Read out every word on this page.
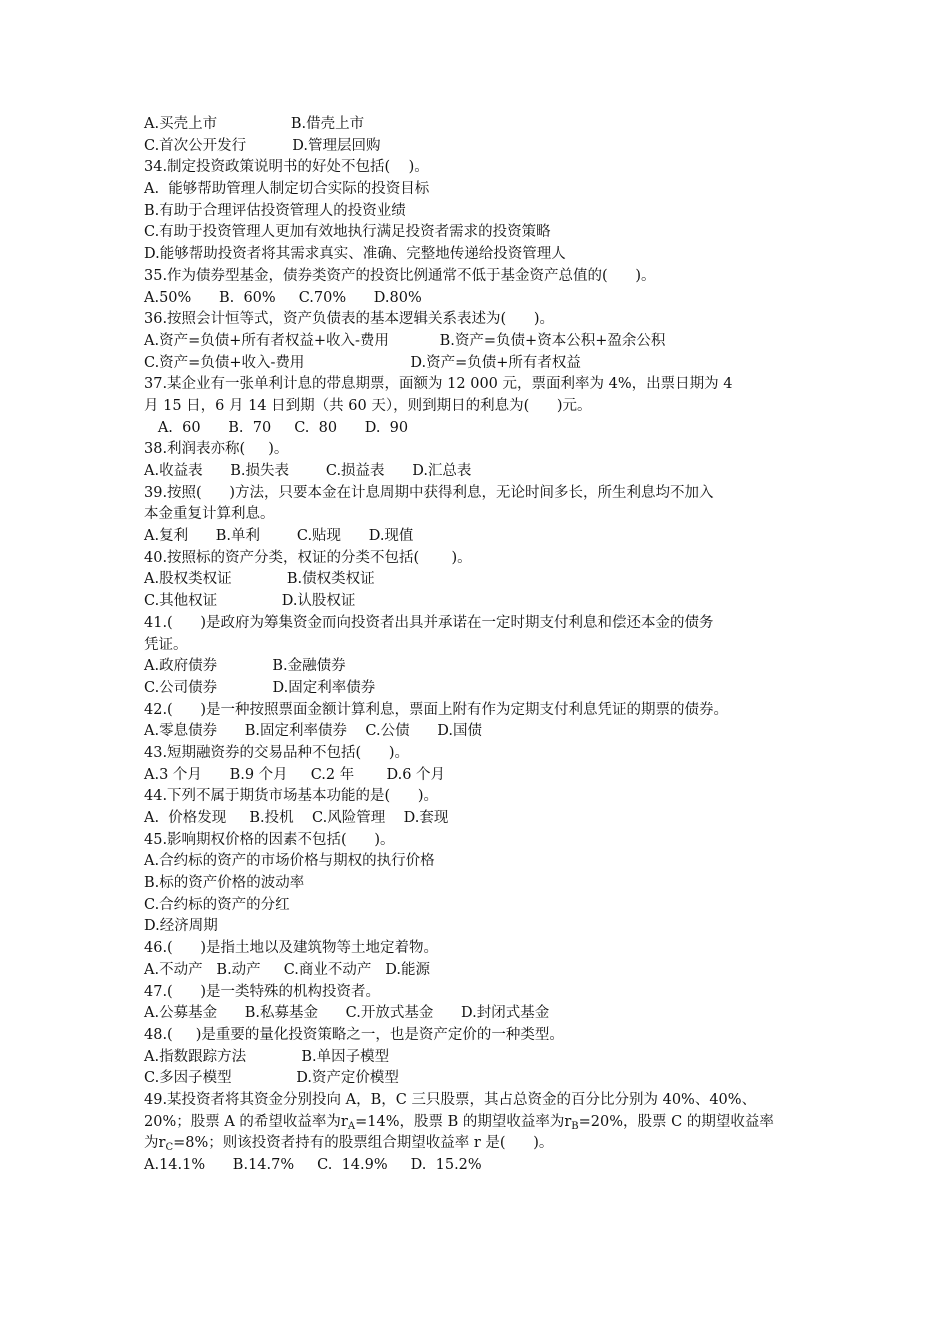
A.买壳上市                B.借壳上市
C.首次公开发行          D.管理层回购
34.制定投资政策说明书的好处不包括(    )。
A.  能够帮助管理人制定切合实际的投资目标
B.有助于合理评估投资管理人的投资业绩
C.有助于投资管理人更加有效地执行满足投资者需求的投资策略
D.能够帮助投资者将其需求真实、准确、完整地传递给投资管理人
35.作为债券型基金，债券类资产的投资比例通常不低于基金资产总值的(      )。
A.50%      B.  60%     C.70%      D.80%
36.按照会计恒等式，资产负债表的基本逻辑关系表述为(      )。
A.资产=负债+所有者权益+收入-费用           B.资产=负债+资本公积+盈余公积
C.资产=负债+收入-费用                       D.资产=负债+所有者权益
37.某企业有一张单利计息的带息期票，面额为 12 000 元，票面利率为 4%，出票日期为 4
月 15 日，6 月 14 日到期（共 60 天），则到期日的利息为(      )元。
A.  60      B.  70     C.  80      D.  90
38.利润表亦称(     )。
A.收益表      B.损失表        C.损益表      D.汇总表
39.按照(      )方法，只要本金在计息周期中获得利息，无论时间多长，所生利息均不加入
本金重复计算利息。
A.复利      B.单利        C.贴现      D.现值
40.按照标的资产分类，权证的分类不包括(       )。
A.股权类权证            B.债权类权证
C.其他权证              D.认股权证
41.(      )是政府为筹集资金而向投资者出具并承诺在一定时期支付利息和偿还本金的债务
凭证。
A.政府债券            B.金融债券
C.公司债券            D.固定利率债券
42.(      )是一种按照票面金额计算利息，票面上附有作为定期支付利息凭证的期票的债券。
A.零息债券      B.固定利率债券    C.公债      D.国债
43.短期融资券的交易品种不包括(      )。
A.3 个月      B.9 个月     C.2 年       D.6 个月
44.下列不属于期货市场基本功能的是(      )。
A.  价格发现     B.投机    C.风险管理    D.套现
45.影响期权价格的因素不包括(      )。
A.合约标的资产的市场价格与期权的执行价格
B.标的资产价格的波动率
C.合约标的资产的分红
D.经济周期
46.(      )是指土地以及建筑物等土地定着物。
A.不动产   B.动产     C.商业不动产   D.能源
47.(      )是一类特殊的机构投资者。
A.公募基金      B.私募基金      C.开放式基金      D.封闭式基金
48.(     )是重要的量化投资策略之一，也是资产定价的一种类型。
A.指数跟踪方法            B.单因子模型
C.多因子模型              D.资产定价模型
49.某投资者将其资金分别投向 A，B，C 三只股票，其占总资金的百分比分别为 40%、40%、
20%；股票 A 的希望收益率为$r_A=14\%$，股票 B 的期望收益率为$r_B=20\%$，股票 C 的期望收益率
为$r_C=8\%$；则该投资者持有的股票组合期望收益率 r 是(      )。
A.14.1%      B.14.7%     C.  14.9%     D.  15.2%
